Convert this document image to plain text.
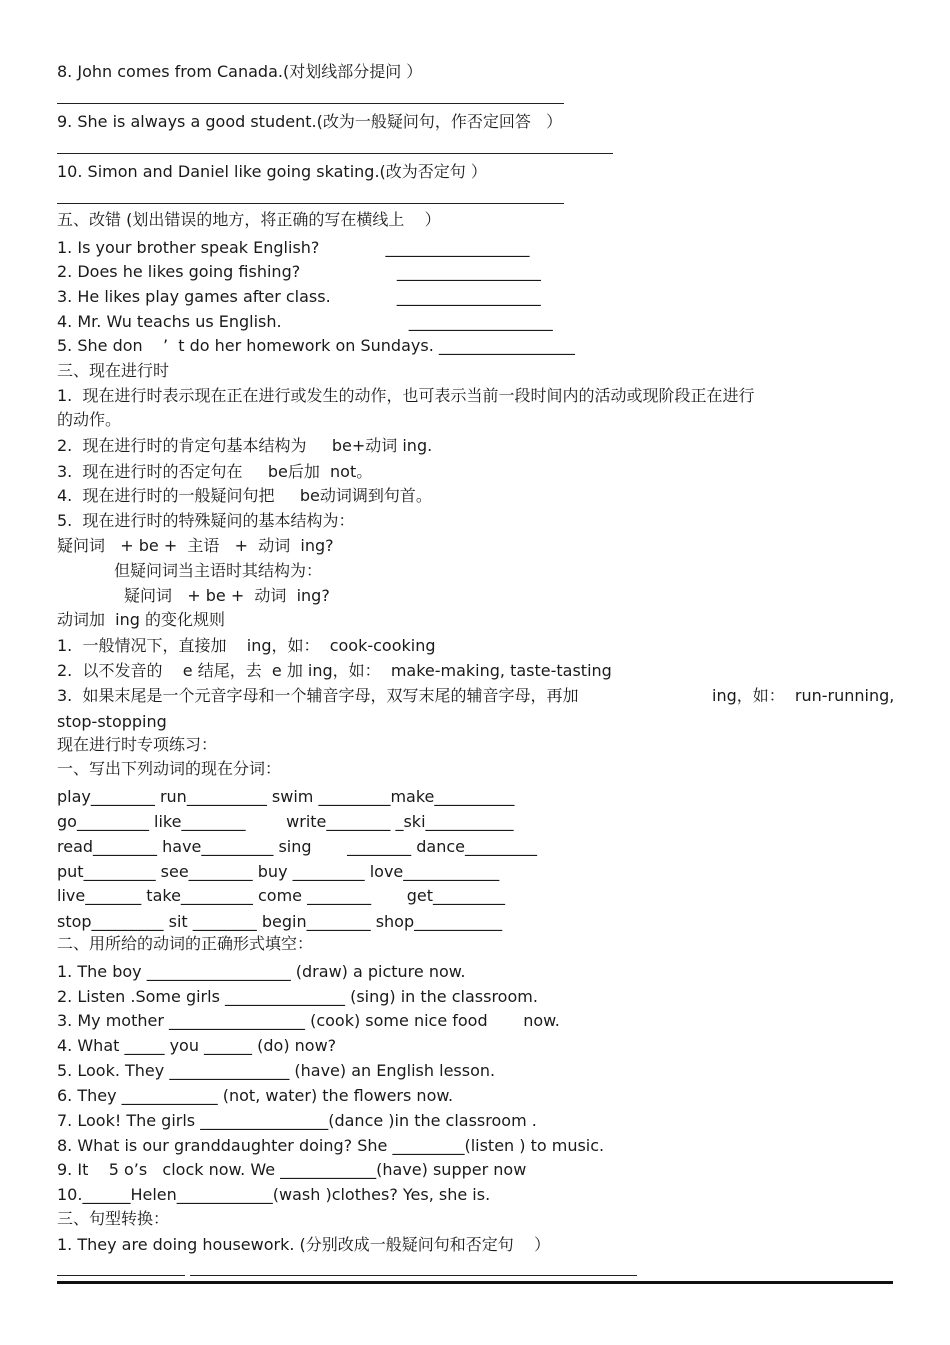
8. John comes from Canada.(对划线部分提问 ）
9. She is always a good student.(改为一般疑问句，作否定回答   ）
10. Simon and Daniel like going skating.(改为否定句 ）
五、改错 (划出错误的地方，将正确的写在横线上    ）
1. Is your brother speak English?             __________________
2. Does he likes going fishing?                   __________________
3. He likes play games after class.             __________________
4. Mr. Wu teachs us English.                         __________________
5. She don    ’  t do her homework on Sundays. _________________
三、现在进行时
1.  现在进行时表示现在正在进行或发生的动作，也可表示当前一段时间内的活动或现阶段正在进行
的动作。
2.  现在进行时的肯定句基本结构为     be+动词 ing.
3.  现在进行时的否定句在     be后加  not。
4.  现在进行时的一般疑问句把     be动词调到句首。
5.  现在进行时的特殊疑问的基本结构为：
疑问词   + be +  主语   +  动词  ing?
但疑问词当主语时其结构为：
疑问词   + be +  动词  ing?
动词加  ing 的变化规则
1.  一般情况下，直接加    ing，如：  cook-cooking
2.  以不发音的    e 结尾，去  e 加 ing，如：  make-making, taste-tasting
3.  如果末尾是一个元音字母和一个辅音字母，双写末尾的辅音字母，再加	ing，如：  run-running,
stop-stopping
现在进行时专项练习：
一、写出下列动词的现在分词：
play________ run__________ swim _________make__________
go_________ like________        write________ _ski___________
read________ have_________ sing       ________ dance_________
put_________ see________ buy _________ love____________
live_______ take_________ come ________       get_________
stop_________ sit ________ begin________ shop___________
二、用所给的动词的正确形式填空：
1. The boy __________________ (draw) a picture now.
2. Listen .Some girls _______________ (sing) in the classroom.
3. My mother _________________ (cook) some nice food       now.
4. What _____ you ______ (do) now?
5. Look. They _______________ (have) an English lesson.
6. They ____________ (not, water) the flowers now.
7. Look! The girls ________________(dance )in the classroom .
8. What is our granddaughter doing? She _________(listen ) to music.
9. It    5 o’s   clock now. We ____________(have) supper now
10.______Helen____________(wash )clothes? Yes, she is.
三、句型转换：
1. They are doing housework. (分别改成一般疑问句和否定句    ）
